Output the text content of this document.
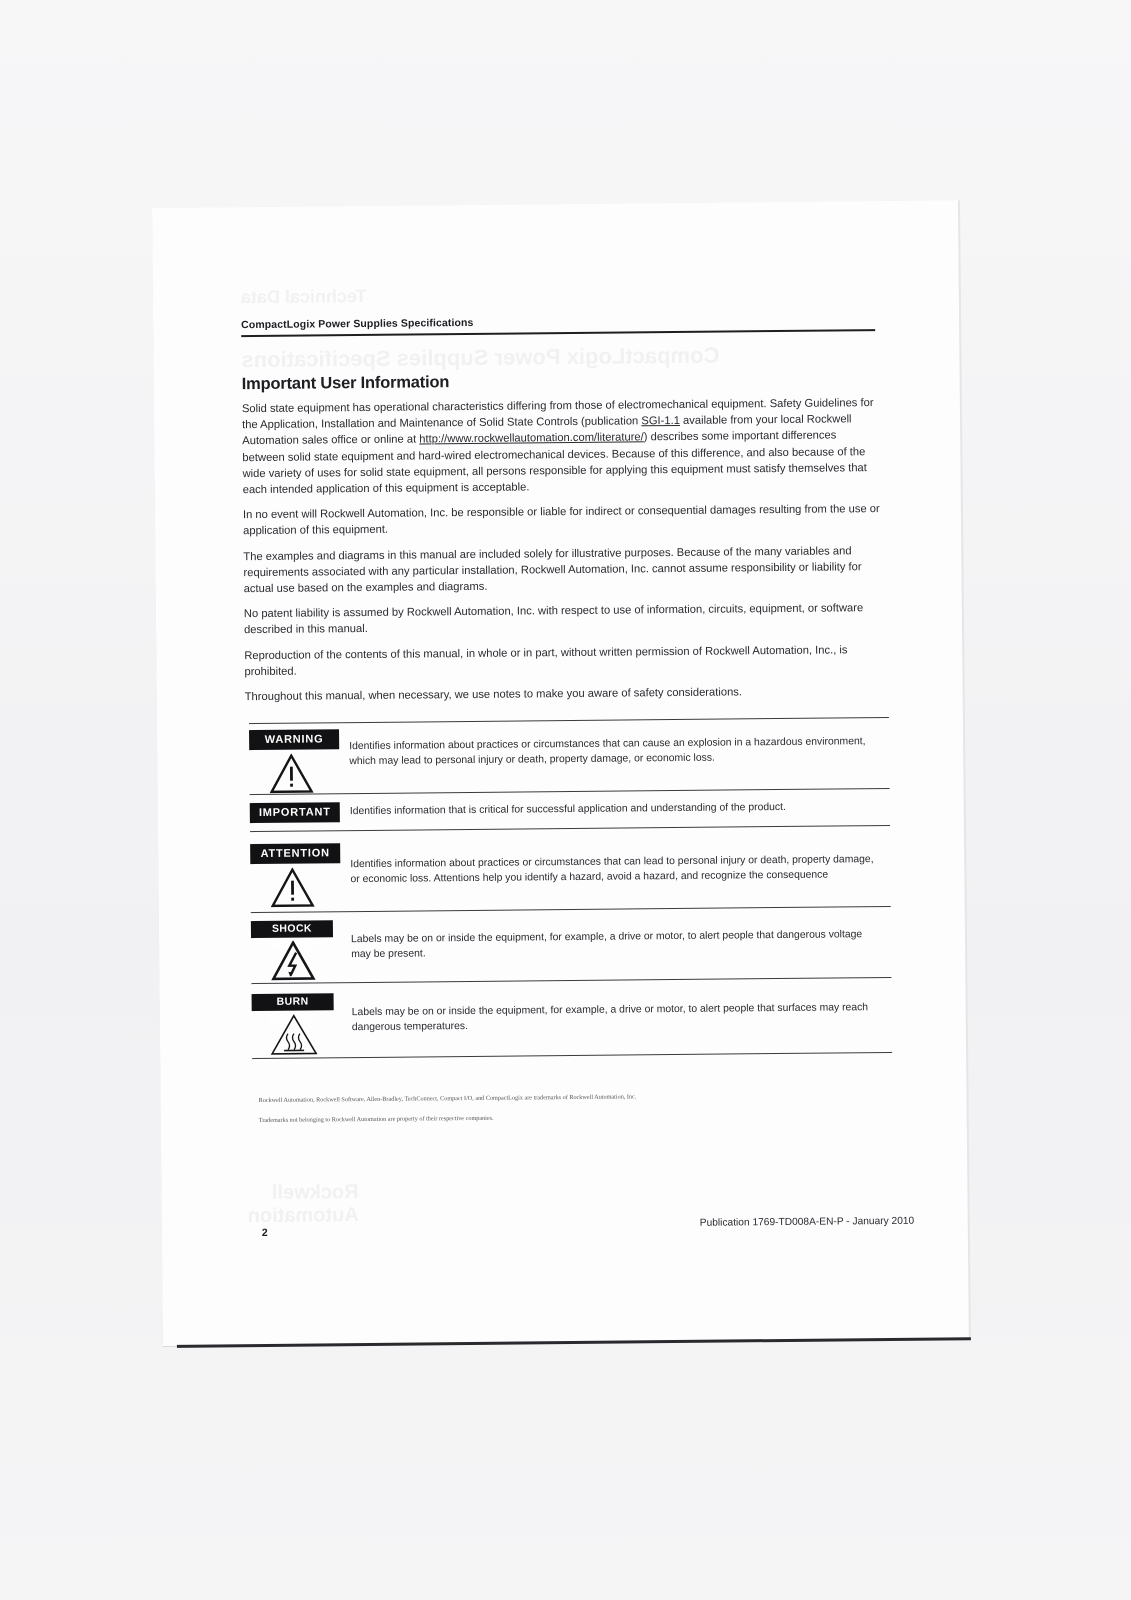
Technical Data
CompactLogix Power Supplies Specifications
Rockwell
Automation
CompactLogix Power Supplies Specifications
Important User Information

Solid state equipment has operational characteristics differing from those of electromechanical equipment. Safety Guidelines for the Application, Installation and Maintenance of Solid State Controls (publication SGI-1.1 available from your local Rockwell Automation sales office or online at http://www.rockwellautomation.com/literature/) describes some important differences between solid state equipment and hard-wired electromechanical devices. Because of this difference, and also because of the wide variety of uses for solid state equipment, all persons responsible for applying this equipment must satisfy themselves that each intended application of this equipment is acceptable.

In no event will Rockwell Automation, Inc. be responsible or liable for indirect or consequential damages resulting from the use or application of this equipment.

The examples and diagrams in this manual are included solely for illustrative purposes. Because of the many variables and requirements associated with any particular installation, Rockwell Automation, Inc. cannot assume responsibility or liability for actual use based on the examples and diagrams.

No patent liability is assumed by Rockwell Automation, Inc. with respect to use of information, circuits, equipment, or software described in this manual.

Reproduction of the contents of this manual, in whole or in part, without written permission of Rockwell Automation, Inc., is prohibited.

Throughout this manual, when necessary, we use notes to make you aware of safety considerations.

WARNING	Identifies information about practices or circumstances that can cause an explosion in a hazardous environment, which may lead to personal injury or death, property damage, or economic loss.
IMPORTANT	Identifies information that is critical for successful application and understanding of the product.
ATTENTION
Identifies information about practices or circumstances that can lead to personal injury or death, property damage, or economic loss. Attentions help you identify a hazard, avoid a hazard, and recognize the consequence
SHOCK HAZARD
Labels may be on or inside the equipment, for example, a drive or motor, to alert people that dangerous voltage may be present.
BURN HAZARD
Labels may be on or inside the equipment, for example, a drive or motor, to alert people that surfaces may reach dangerous temperatures.
Rockwell Automation, Rockwell Software, Allen-Bradley, TechConnect, Compact I/O, and CompactLogix are trademarks of Rockwell Automation, Inc.
Trademarks not belonging to Rockwell Automation are property of their respective companies.
2
Publication 1769-TD008A-EN-P - January 2010
